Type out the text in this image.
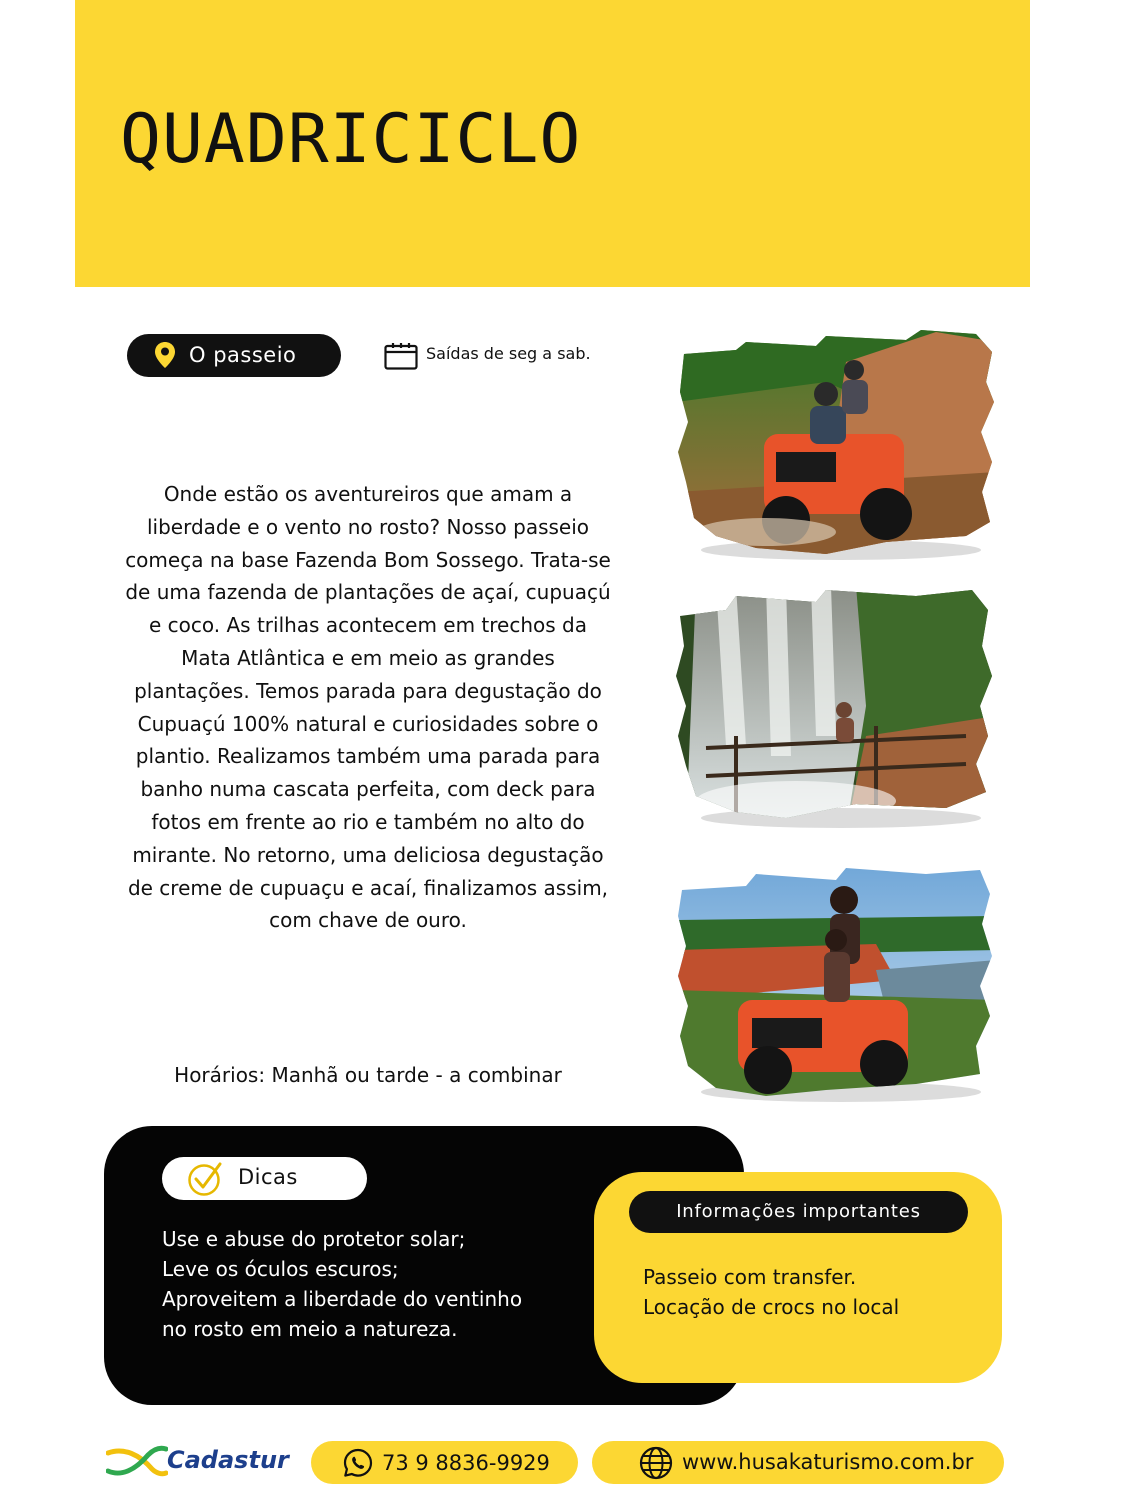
QUADRICICLO
O passeio	Saídas de seg a sab.

Onde estão os aventureiros que amam a liberdade e o vento no rosto? Nosso passeio começa na base Fazenda Bom Sossego. Trata-se de uma fazenda de plantações de açaí, cupuaçú e coco. As trilhas acontecem em trechos da Mata Atlântica e em meio as grandes plantações. Temos parada para degustação do Cupuaçú 100% natural e curiosidades sobre o plantio. Realizamos também uma parada para banho numa cascata perfeita, com deck para fotos em frente ao rio e também no alto do mirante. No retorno, uma deliciosa degustação de creme de cupuaçu e acaí, finalizamos assim, com chave de ouro.

Horários: Manhã ou tarde - a combinar
Dicas
Use e abuse do protetor solar;
Leve os óculos escuros;
Aproveitem a liberdade do ventinho
no rosto em meio a natureza.
Informações importantes
Passeio com transfer.
Locação de crocs no local
Cadastur	73 9 8836-9929	www.husakaturismo.com.br
